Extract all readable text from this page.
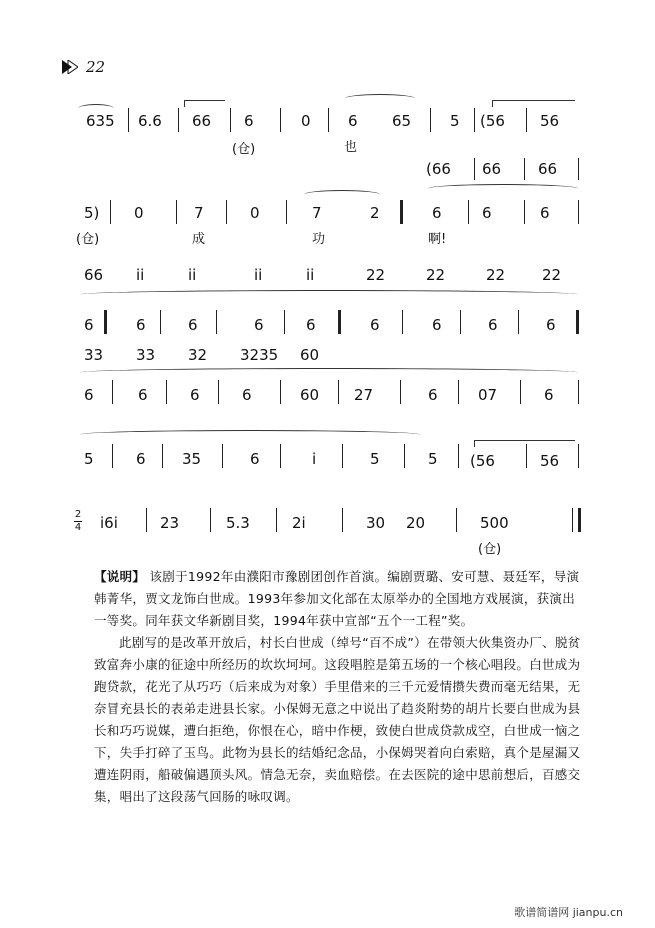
22
635 6.6 66 6	0 6 65	5 (56 56
(仓)	也
(66 66 66
5) 0	7	0	7	2	6	6	6
(仓)	成	功	啊!
66 ii	ii	ii	ii	22	22	22 22
6	6	6	6	6	6	6	6	6
33 33 32 3235 60
6	6	6	6	60 27	6	07	6
5	6 35	6	i	5	5 (56	56
2
4 i6i	23	5.3	2i	30 20	500
(仓)

【说明】 该剧于1992年由濮阳市豫剧团创作首演。编剧贾璐、安可慧、聂廷军，导演韩菁华，贾文龙饰白世成。1993年参加文化部在太原举办的全国地方戏展演，获演出一等奖。同年获文华新剧目奖，1994年获中宣部“五个一工程”奖。

此剧写的是改革开放后，村长白世成（绰号“百不成”）在带领大伙集资办厂、脱贫致富奔小康的征途中所经历的坎坎坷坷。这段唱腔是第五场的一个核心唱段。白世成为跑贷款，花光了从巧巧（后来成为对象）手里借来的三千元爱情攒失费而毫无结果，无奈冒充县长的表弟走进县长家。小保姆无意之中说出了趋炎附势的胡片长要白世成为县长和巧巧说媒，遭白拒绝，你恨在心，暗中作梗，致使白世成贷款成空，白世成一恼之下，失手打碎了玉鸟。此物为县长的结婚纪念品，小保姆哭着向白索赔，真个是屋漏又遭连阴雨，船破偏遇顶头风。情急无奈，卖血赔偿。在去医院的途中思前想后，百感交集，唱出了这段荡气回肠的咏叹调。

歌谱简谱网 jianpu.cn
